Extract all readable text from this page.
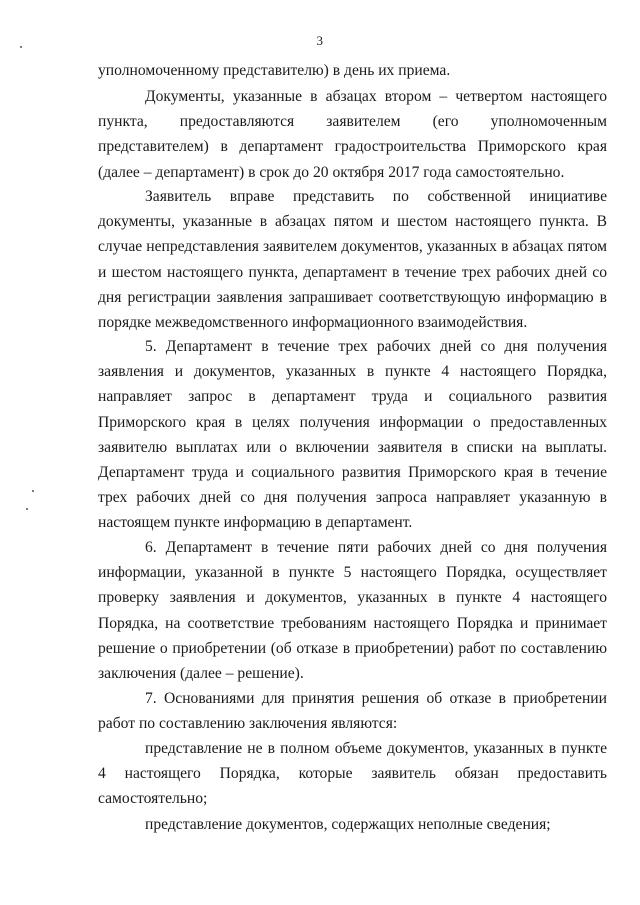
3

уполномоченному представителю) в день их приема.

Документы, указанные в абзацах втором – четвертом настоящего пункта, предоставляются заявителем (его уполномоченным представителем) в департамент градостроительства Приморского края (далее – департамент) в срок до 20 октября 2017 года самостоятельно.

Заявитель вправе представить по собственной инициативе документы, указанные в абзацах пятом и шестом настоящего пункта. В случае непредставления заявителем документов, указанных в абзацах пятом и шестом настоящего пункта, департамент в течение трех рабочих дней со дня регистрации заявления запрашивает соответствующую информацию в порядке межведомственного информационного взаимодействия.

5. Департамент в течение трех рабочих дней со дня получения заявления и документов, указанных в пункте 4 настоящего Порядка, направляет запрос в департамент труда и социального развития Приморского края в целях получения информации о предоставленных заявителю выплатах или о включении заявителя в списки на выплаты. Департамент труда и социального развития Приморского края в течение трех рабочих дней со дня получения запроса направляет указанную в настоящем пункте информацию в департамент.

6. Департамент в течение пяти рабочих дней со дня получения информации, указанной в пункте 5 настоящего Порядка, осуществляет проверку заявления и документов, указанных в пункте 4 настоящего Порядка, на соответствие требованиям настоящего Порядка и принимает решение о приобретении (об отказе в приобретении) работ по составлению заключения (далее – решение).

7. Основаниями для принятия решения об отказе в приобретении работ по составлению заключения являются:

представление не в полном объеме документов, указанных в пункте 4 настоящего Порядка, которые заявитель обязан предоставить самостоятельно;

представление документов, содержащих неполные сведения;
